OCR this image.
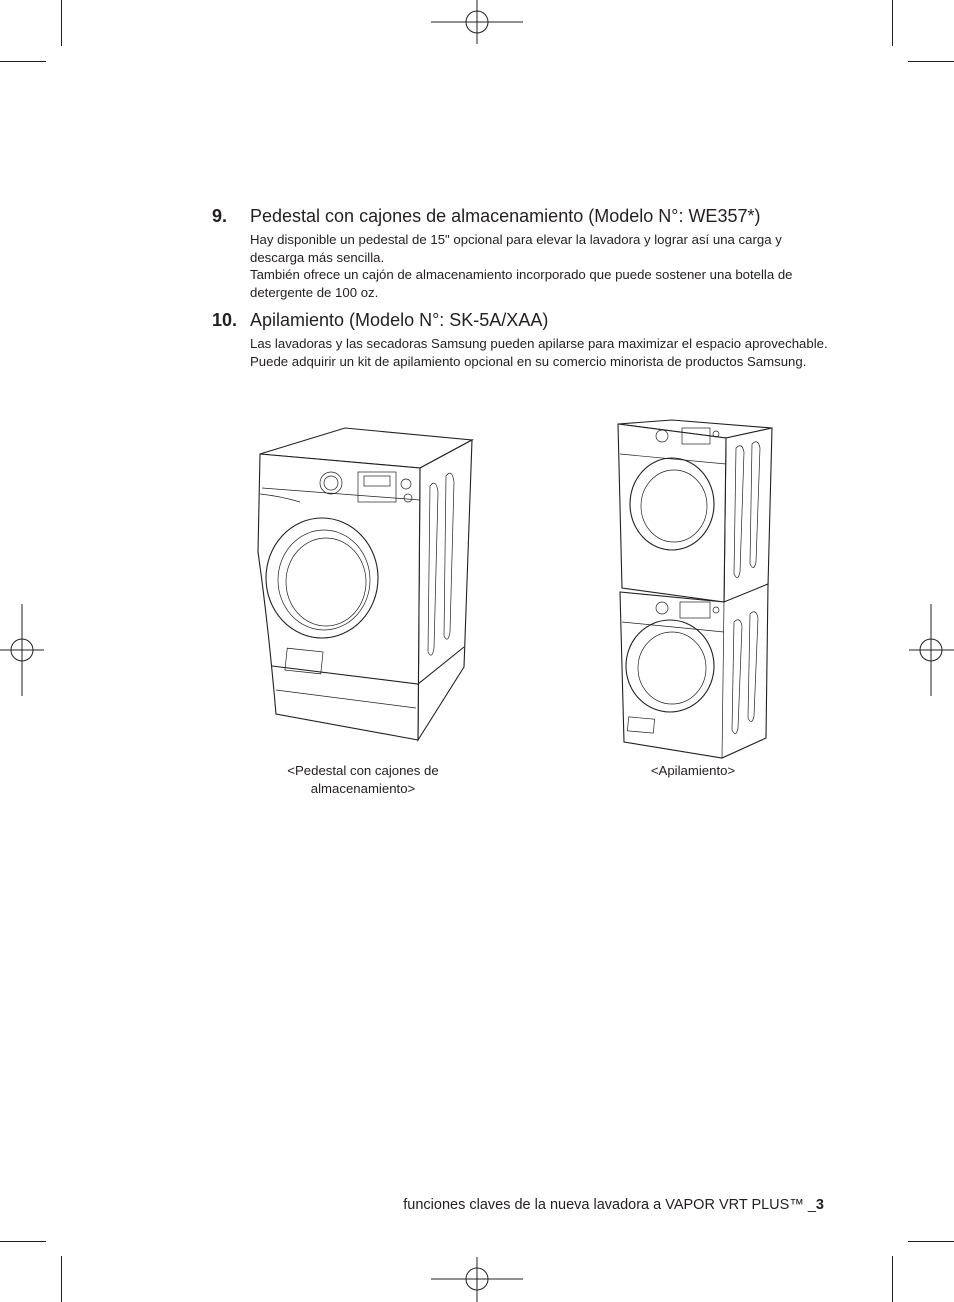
9.	Pedestal con cajones de almacenamiento (Modelo N°: WE357*)

Hay disponible un pedestal de 15" opcional para elevar la lavadora y lograr así una carga y descarga más sencilla.

También ofrece un cajón de almacenamiento incorporado que puede sostener una botella de detergente de 100 oz.

10. Apilamiento (Modelo N°: SK-5A/XAA)

Las lavadoras y las secadoras Samsung pueden apilarse para maximizar el espacio aprovechable. Puede adquirir un kit de apilamiento opcional en su comercio minorista de productos Samsung.

<Pedestal con cajones de almacenamiento>
<Apilamiento>
funciones claves de la nueva lavadora a VAPOR VRT PLUS™ _3
